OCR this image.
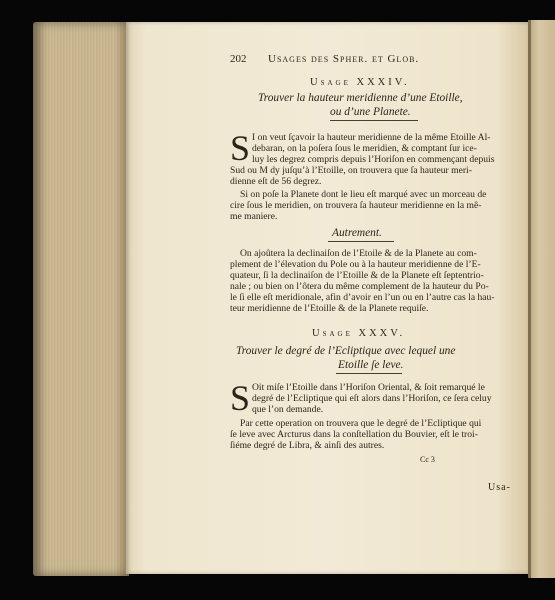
202 Usages des Spher. et Glob.
Usage XXXIV.
Trouver la hauteur meridienne d’une Etoille,
ou d’une Planete.
S I on veut ſçavoir la hauteur meridienne de la même Etoille Al-
debaran, on la poſera ſous le meridien, & comptant ſur ice-
luy les degrez compris depuis l’Horiſon en commençant depuis
Sud ou M dy juſqu’à l’Etoille, on trouvera que ſa hauteur meri-
dienne eſt de 56 degrez.
Si on poſe la Planete dont le lieu eſt marqué avec un morceau de
cire ſous le meridien, on trouvera ſa hauteur meridienne en la mê-
me maniere.
Autrement.
On ajoûtera la declinaiſon de l’Etoile & de la Planete au com-
plement de l’élevation du Pole ou à la hauteur meridienne de l’E-
quateur, ſi la declinaiſon de l’Etoille & de la Planete eſt ſeptentrio-
nale ; ou bien on l’ôtera du même complement de la hauteur du Po-
le ſi elle eſt meridionale, afin d’avoir en l’un ou en l’autre cas la hau-
teur meridienne de l’Etoille & de la Planete requiſe.
Usage XXXV.
Trouver le degré de l’Ecliptique avec lequel une
Etoille ſe leve.
S Oit miſe l’Etoille dans l’Horiſon Oriental, & ſoit remarqué le
degré de l’Ecliptique qui eſt alors dans l’Horiſon, ce ſera celuy
que l’on demande.
Par cette operation on trouvera que le degré de l’Ecliptique qui
ſe leve avec Arcturus dans la conſtellation du Bouvier, eſt le troi-
ſiéme degré de Libra, & ainſi des autres.
Cc 3
Usa-
